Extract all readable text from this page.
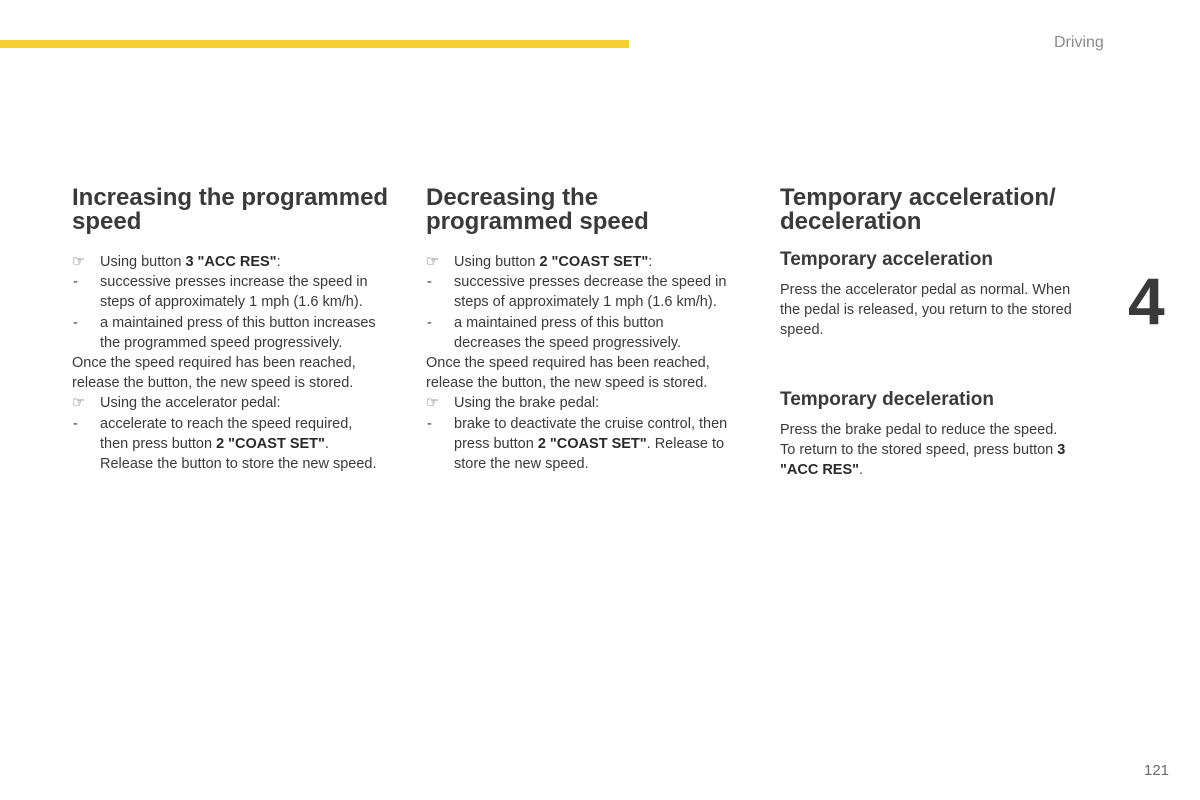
Driving
4
121
Increasing the programmed
speed
☞ Using button 3 "ACC RES":
- successive presses increase the speed in
steps of approximately 1 mph (1.6 km/h).
- a maintained press of this button increases
the programmed speed progressively.
Once the speed required has been reached,
release the button, the new speed is stored.
☞ Using the accelerator pedal:
- accelerate to reach the speed required,
then press button 2 "COAST SET".
Release the button to store the new speed.
Decreasing the
programmed speed
☞ Using button 2 "COAST SET":
- successive presses decrease the speed in
steps of approximately 1 mph (1.6 km/h).
- a maintained press of this button
decreases the speed progressively.
Once the speed required has been reached,
release the button, the new speed is stored.
☞ Using the brake pedal:
- brake to deactivate the cruise control, then
press button 2 "COAST SET". Release to
store the new speed.
Temporary acceleration/
deceleration
Temporary acceleration
Press the accelerator pedal as normal. When
the pedal is released, you return to the stored
speed.
Temporary deceleration
Press the brake pedal to reduce the speed.
To return to the stored speed, press button 3
"ACC RES".
